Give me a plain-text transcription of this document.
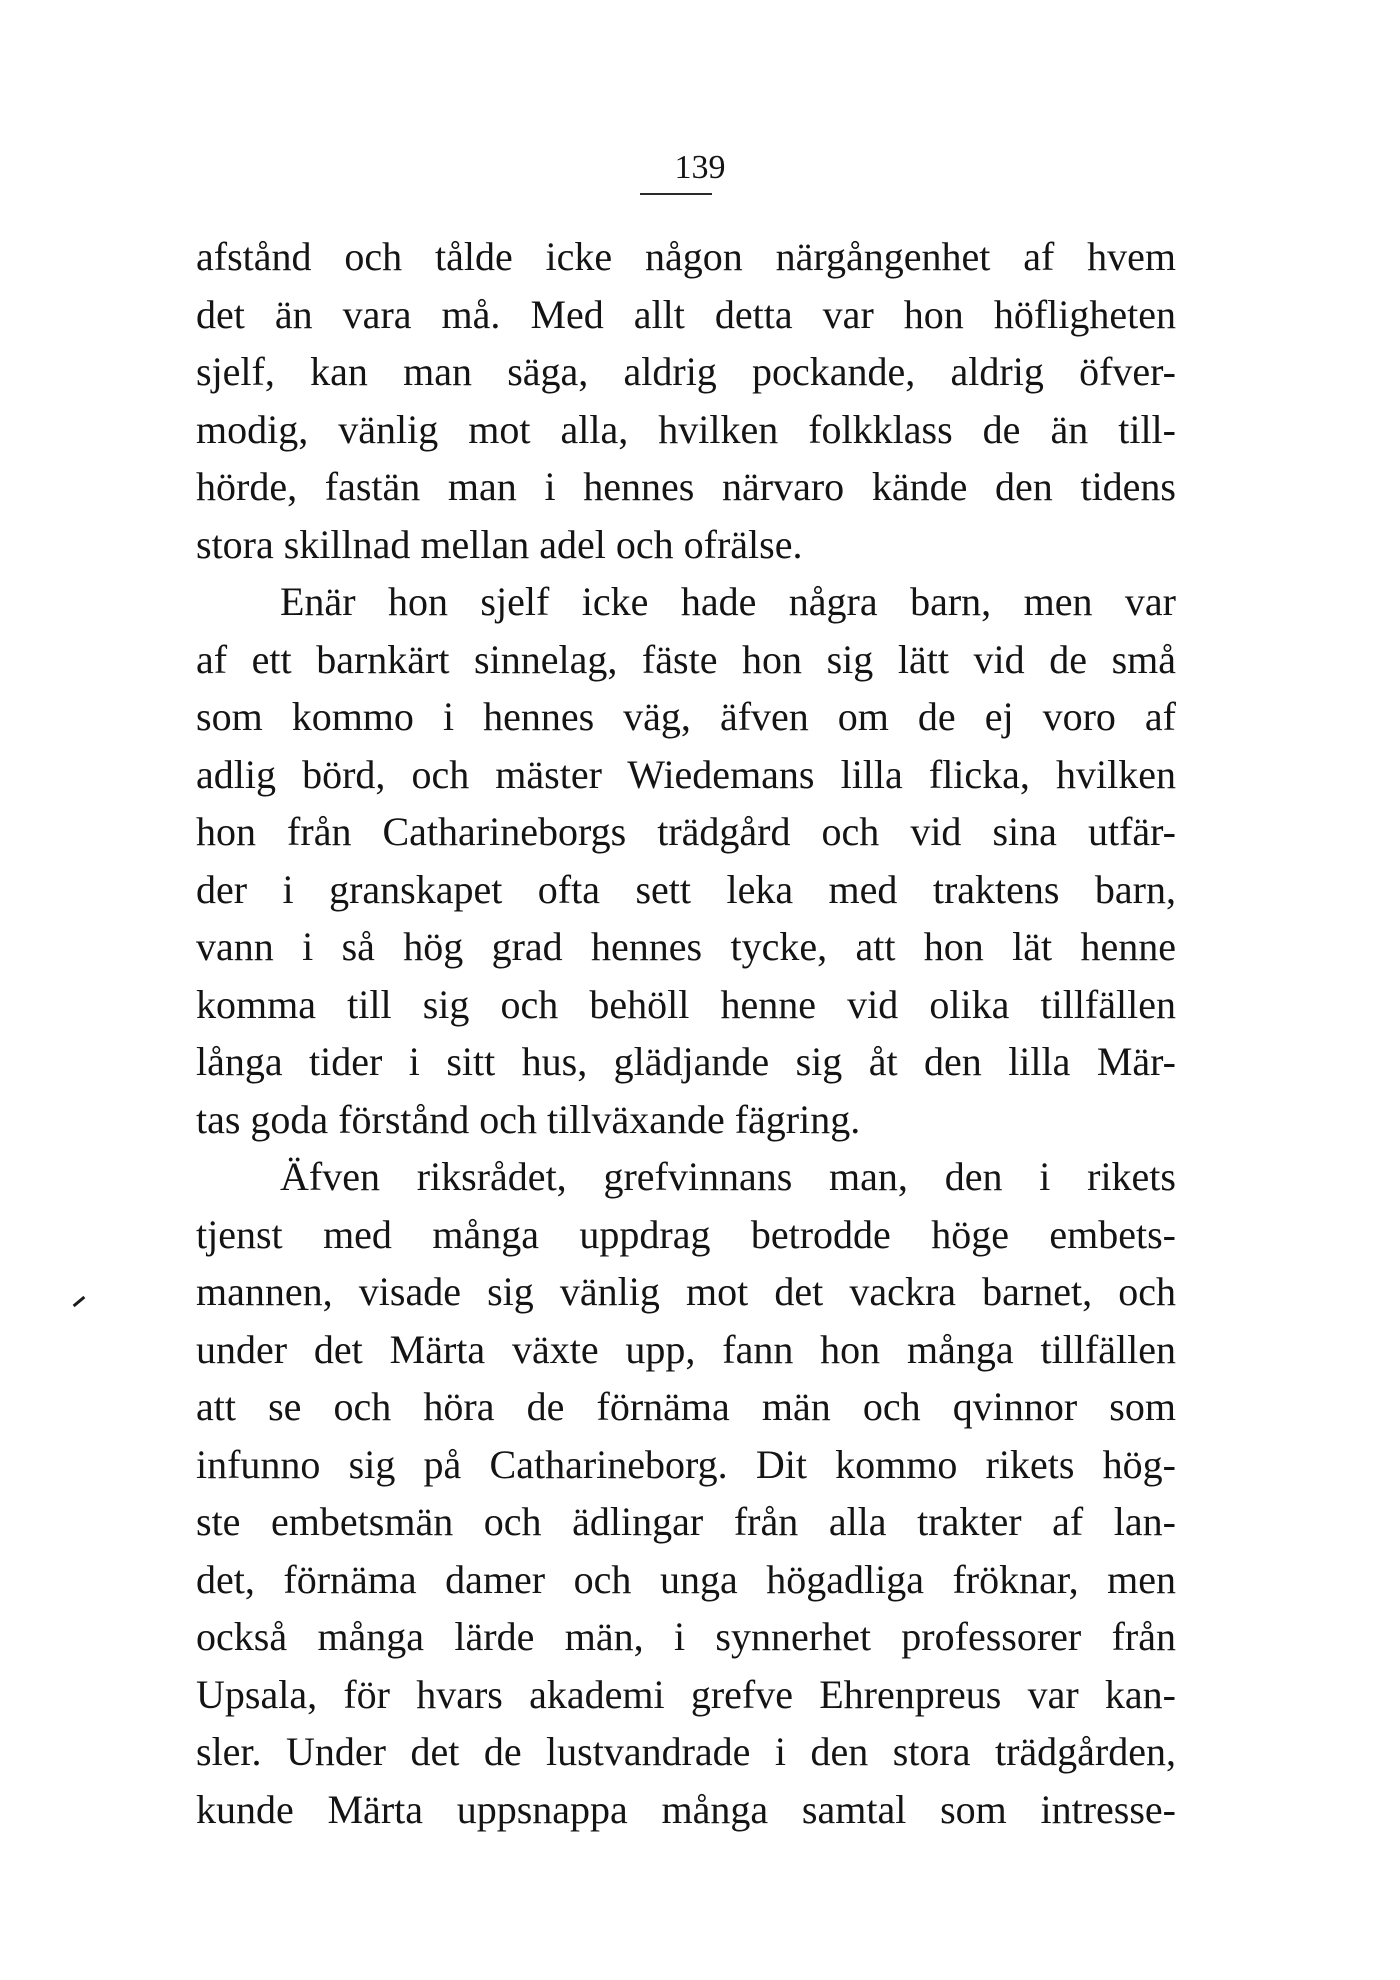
139
afstånd och tålde icke någon närgångenhet af hvem
det än vara må. Med allt detta var hon höfligheten
sjelf, kan man säga, aldrig pockande, aldrig öfver-
modig, vänlig mot alla, hvilken folkklass de än till-
hörde, fastän man i hennes närvaro kände den tidens
stora skillnad mellan adel och ofrälse.
Enär hon sjelf icke hade några barn, men var
af ett barnkärt sinnelag, fäste hon sig lätt vid de små
som kommo i hennes väg, äfven om de ej voro af
adlig börd, och mäster Wiedemans lilla flicka, hvilken
hon från Catharineborgs trädgård och vid sina utfär-
der i granskapet ofta sett leka med traktens barn,
vann i så hög grad hennes tycke, att hon lät henne
komma till sig och behöll henne vid olika tillfällen
långa tider i sitt hus, glädjande sig åt den lilla Mär-
tas goda förstånd och tillväxande fägring.
Äfven riksrådet, grefvinnans man, den i rikets
tjenst med många uppdrag betrodde höge embets-
mannen, visade sig vänlig mot det vackra barnet, och
under det Märta växte upp, fann hon många tillfällen
att se och höra de förnäma män och qvinnor som
infunno sig på Catharineborg. Dit kommo rikets hög-
ste embetsmän och ädlingar från alla trakter af lan-
det, förnäma damer och unga högadliga fröknar, men
också många lärde män, i synnerhet professorer från
Upsala, för hvars akademi grefve Ehrenpreus var kan-
sler. Under det de lustvandrade i den stora trädgården,
kunde Märta uppsnappa många samtal som intresse-
